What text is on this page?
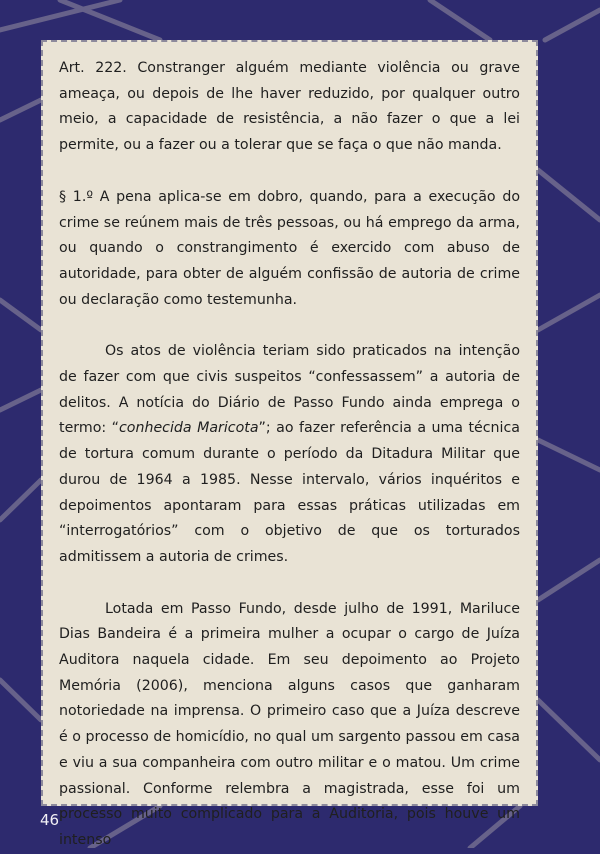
Art. 222. Constranger alguém mediante violência ou grave ameaça, ou depois de lhe haver reduzido, por qualquer outro meio, a capacidade de resistência, a não fazer o que a lei permite, ou a fazer ou a tolerar que se faça o que não manda.

§ 1.º A pena aplica-se em dobro, quando, para a execução do crime se reúnem mais de três pessoas, ou há emprego da arma, ou quando o constrangimento é exercido com abuso de autoridade, para obter de alguém confissão de autoria de crime ou declaração como testemunha.

Os atos de violência teriam sido praticados na intenção de fazer com que civis suspeitos “confessassem” a autoria de delitos. A notícia do Diário de Passo Fundo ainda emprega o termo: “conhecida Maricota”; ao fazer referência a uma técnica de tortura comum durante o período da Ditadura Militar que durou de 1964 a 1985. Nesse intervalo, vários inquéritos e depoimentos apontaram para essas práticas utilizadas em “interrogatórios” com o objetivo de que os torturados admitissem a autoria de crimes.

Lotada em Passo Fundo, desde julho de 1991, Mariluce Dias Bandeira é a primeira mulher a ocupar o cargo de Juíza Auditora naquela cidade. Em seu depoimento ao Projeto Memória (2006), menciona alguns casos que ganharam notoriedade na imprensa. O primeiro caso que a Juíza descreve é o processo de homicídio, no qual um sargento passou em casa e viu a sua companheira com outro militar e o matou. Um crime passional. Conforme relembra a magistrada, esse foi um processo muito complicado para a Auditoria, pois houve um intenso

46
